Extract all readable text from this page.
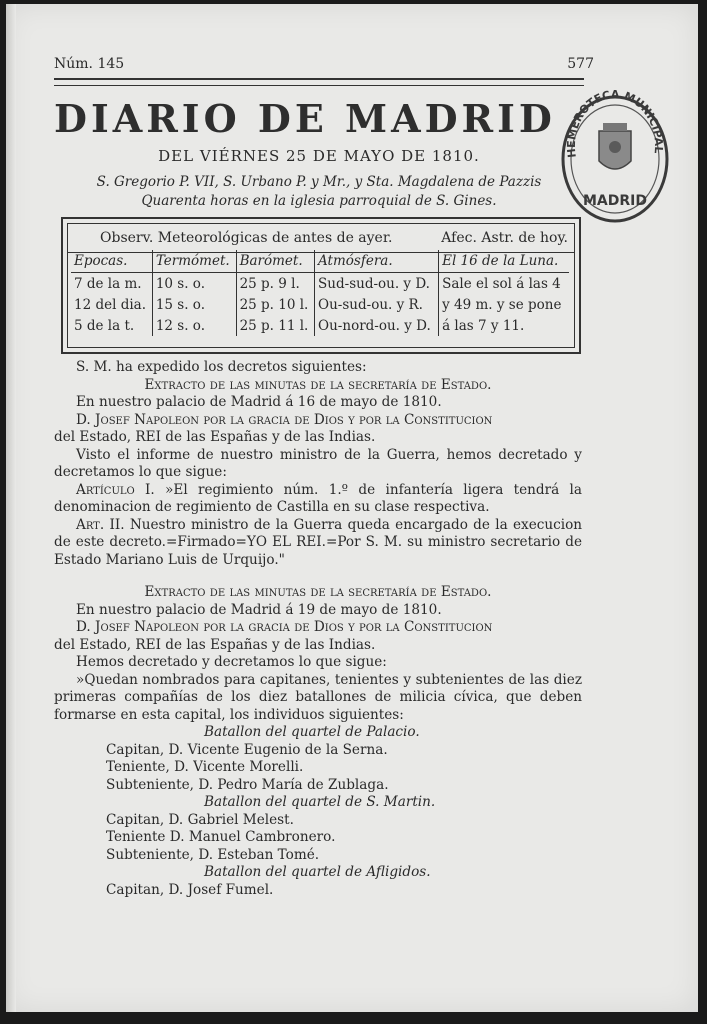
Núm. 145	577
DIARIO DE MADRID
DEL VIÉRNES 25 DE MAYO DE 1810.
S. Gregorio P. VII, S. Urbano P. y Mr., y Sta. Magdalena de Pazzis
Quarenta horas en la iglesia parroquial de S. Gines.
HEMEROTECA MUNICIPAL
MADRID
Observ. Meteorológicas de antes de ayer.	Afec. Astr. de hoy.
Epocas.	Termómet.	Barómet.	Atmósfera.	El 16 de la Luna.
7 de la m.	10 s. o.	25 p. 9 l.	Sud-sud-ou. y D.	Sale el sol á las 4
12 del dia.	15 s. o.	25 p. 10 l.	Ou-sud-ou. y R.	y 49 m. y se pone
5 de la t.	12 s. o.	25 p. 11 l.	Ou-nord-ou. y D.	á las 7 y 11.

S. M. ha expedido los decretos siguientes:

Extracto de las minutas de la secretaría de Estado.

En nuestro palacio de Madrid á 16 de mayo de 1810.

D. Josef Napoleon por la gracia de Dios y por la Constitucion

del Estado, REI de las Españas y de las Indias.

Visto el informe de nuestro ministro de la Guerra, hemos decretado y decretamos lo que sigue:

Artículo I. »El regimiento núm. 1.º de infantería ligera tendrá la denominacion de regimiento de Castilla en su clase respectiva.

Art. II. Nuestro ministro de la Guerra queda encargado de la execucion de este decreto.=Firmado=YO EL REI.=Por S. M. su ministro secretario de Estado Mariano Luis de Urquijo."

Extracto de las minutas de la secretaría de Estado.

En nuestro palacio de Madrid á 19 de mayo de 1810.

D. Josef Napoleon por la gracia de Dios y por la Constitucion

del Estado, REI de las Españas y de las Indias.

Hemos decretado y decretamos lo que sigue:

»Quedan nombrados para capitanes, tenientes y subtenientes de las diez primeras compañías de los diez batallones de milicia cívica, que deben formarse en esta capital, los individuos siguientes:

Batallon del quartel de Palacio.

Capitan, D. Vicente Eugenio de la Serna.

Teniente, D. Vicente Morelli.

Subteniente, D. Pedro María de Zublaga.

Batallon del quartel de S. Martin.

Capitan, D. Gabriel Melest.

Teniente D. Manuel Cambronero.

Subteniente, D. Esteban Tomé.

Batallon del quartel de Afligidos.

Capitan, D. Josef Fumel.
